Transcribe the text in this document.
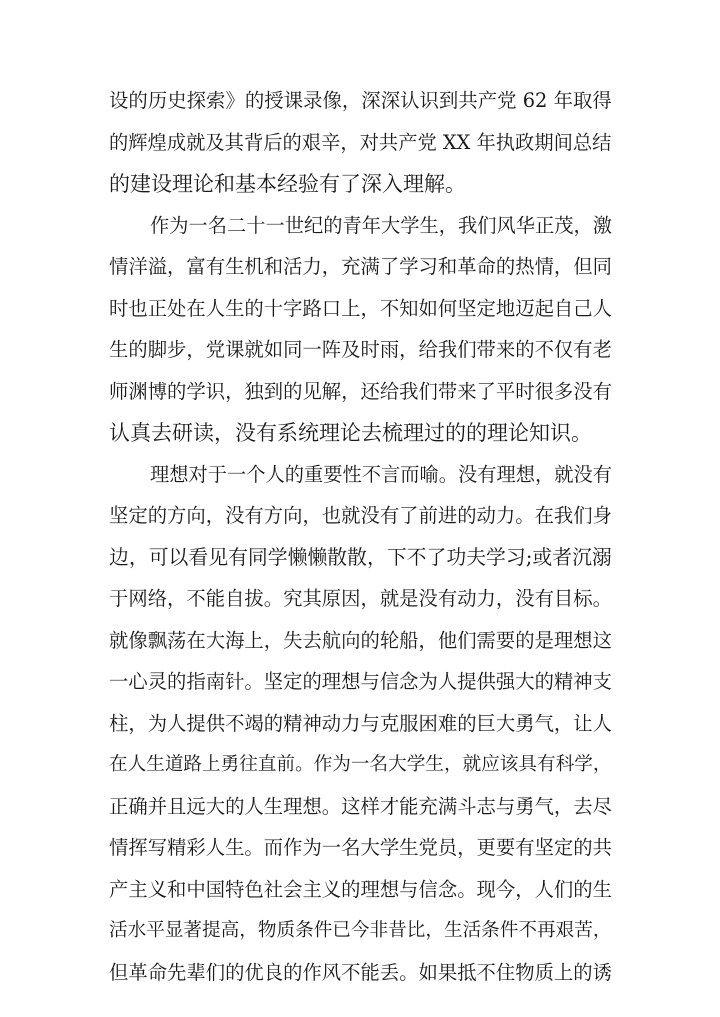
设的历史探索》的授课录像，深深认识到共产党 62 年取得
的辉煌成就及其背后的艰辛，对共产党 XX 年执政期间总结
的建设理论和基本经验有了深入理解。
作为一名二十一世纪的青年大学生，我们风华正茂，激
情洋溢，富有生机和活力，充满了学习和革命的热情，但同
时也正处在人生的十字路口上，不知如何坚定地迈起自己人
生的脚步，党课就如同一阵及时雨，给我们带来的不仅有老
师渊博的学识，独到的见解，还给我们带来了平时很多没有
认真去研读，没有系统理论去梳理过的的理论知识。
理想对于一个人的重要性不言而喻。没有理想，就没有
坚定的方向，没有方向，也就没有了前进的动力。在我们身
边，可以看见有同学懒懒散散，下不了功夫学习;或者沉溺
于网络，不能自拔。究其原因，就是没有动力，没有目标。
就像飘荡在大海上，失去航向的轮船，他们需要的是理想这
一心灵的指南针。坚定的理想与信念为人提供强大的精神支
柱，为人提供不竭的精神动力与克服困难的巨大勇气，让人
在人生道路上勇往直前。作为一名大学生，就应该具有科学，
正确并且远大的人生理想。这样才能充满斗志与勇气，去尽
情挥写精彩人生。而作为一名大学生党员，更要有坚定的共
产主义和中国特色社会主义的理想与信念。现今，人们的生
活水平显著提高，物质条件已今非昔比，生活条件不再艰苦，
但革命先辈们的优良的作风不能丢。如果抵不住物质上的诱
